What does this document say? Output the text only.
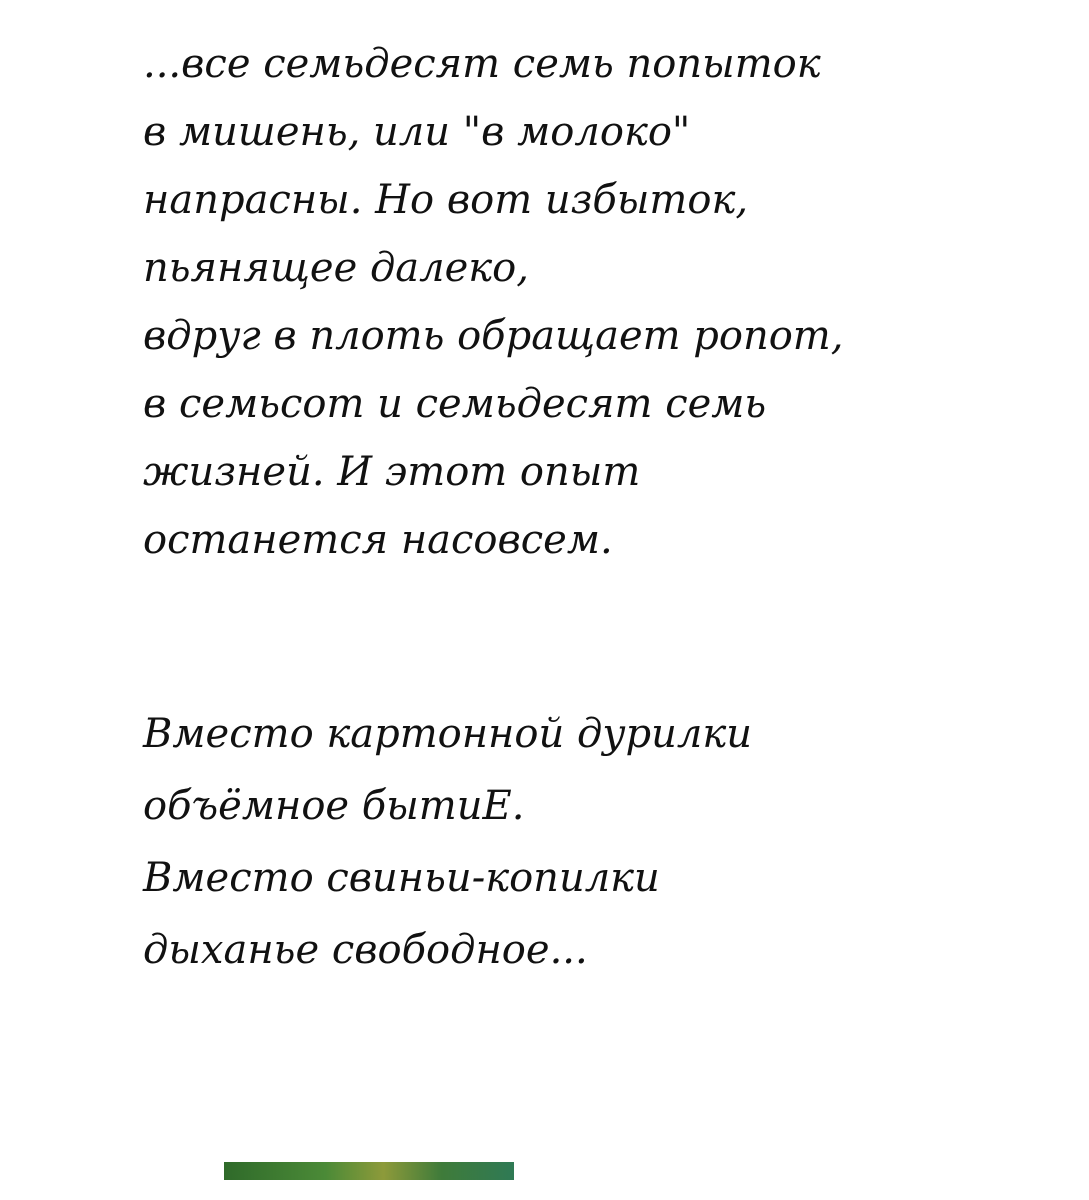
...все семьдесят семь попыток
в мишень, или "в молоко"
напрасны. Но вот избыток,
пьянящее далеко,
вдруг в плоть обращает ропот,
в семьсот и семьдесят семь
жизней. И этот опыт
останется насовсем.
Вместо картонной дурилки
объёмное бытиЕ.
Вместо свиньи-копилки
дыханье свободное...
